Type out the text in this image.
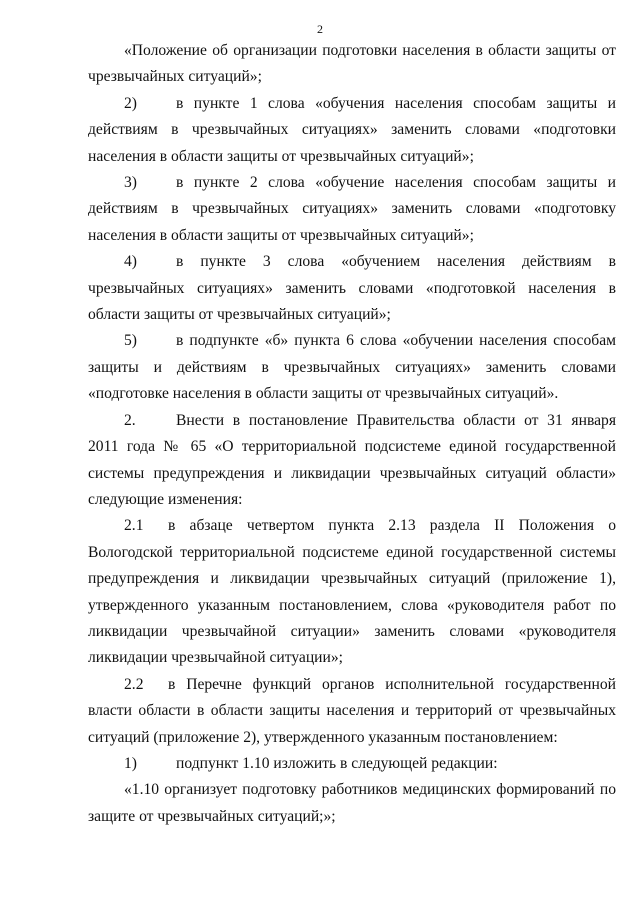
2

«Положение об организации подготовки населения в области защиты от чрезвычайных ситуаций»;

2)	в пункте 1 слова «обучения населения способам защиты и действиям в чрезвычайных ситуациях» заменить словами «подготовки населения в области защиты от чрезвычайных ситуаций»;

3)	в пункте 2 слова «обучение населения способам защиты и действиям в чрезвычайных ситуациях» заменить словами «подготовку населения в области защиты от чрезвычайных ситуаций»;

4)	в пункте 3 слова «обучением населения действиям в чрезвычайных ситуациях» заменить словами «подготовкой населения в области защиты от чрезвычайных ситуаций»;

5)	в подпункте «б» пункта 6 слова «обучении населения способам защиты и действиям в чрезвычайных ситуациях» заменить словами «подготовке населения в области защиты от чрезвычайных ситуаций».

2.	Внести в постановление Правительства области от 31 января 2011 года № 65 «О территориальной подсистеме единой государственной системы предупреждения и ликвидации чрезвычайных ситуаций области» следующие изменения:

2.1 в абзаце четвертом пункта 2.13 раздела II Положения о Вологодской территориальной подсистеме единой государственной системы предупреждения и ликвидации чрезвычайных ситуаций (приложение 1), утвержденного указанным постановлением, слова «руководителя работ по ликвидации чрезвычайной ситуации» заменить словами «руководителя ликвидации чрезвычайной ситуации»;

2.2 в Перечне функций органов исполнительной государственной власти области в области защиты населения и территорий от чрезвычайных ситуаций (приложение 2), утвержденного указанным постановлением:

1)	подпункт 1.10 изложить в следующей редакции:

«1.10 организует подготовку работников медицинских формирований по защите от чрезвычайных ситуаций;»;
